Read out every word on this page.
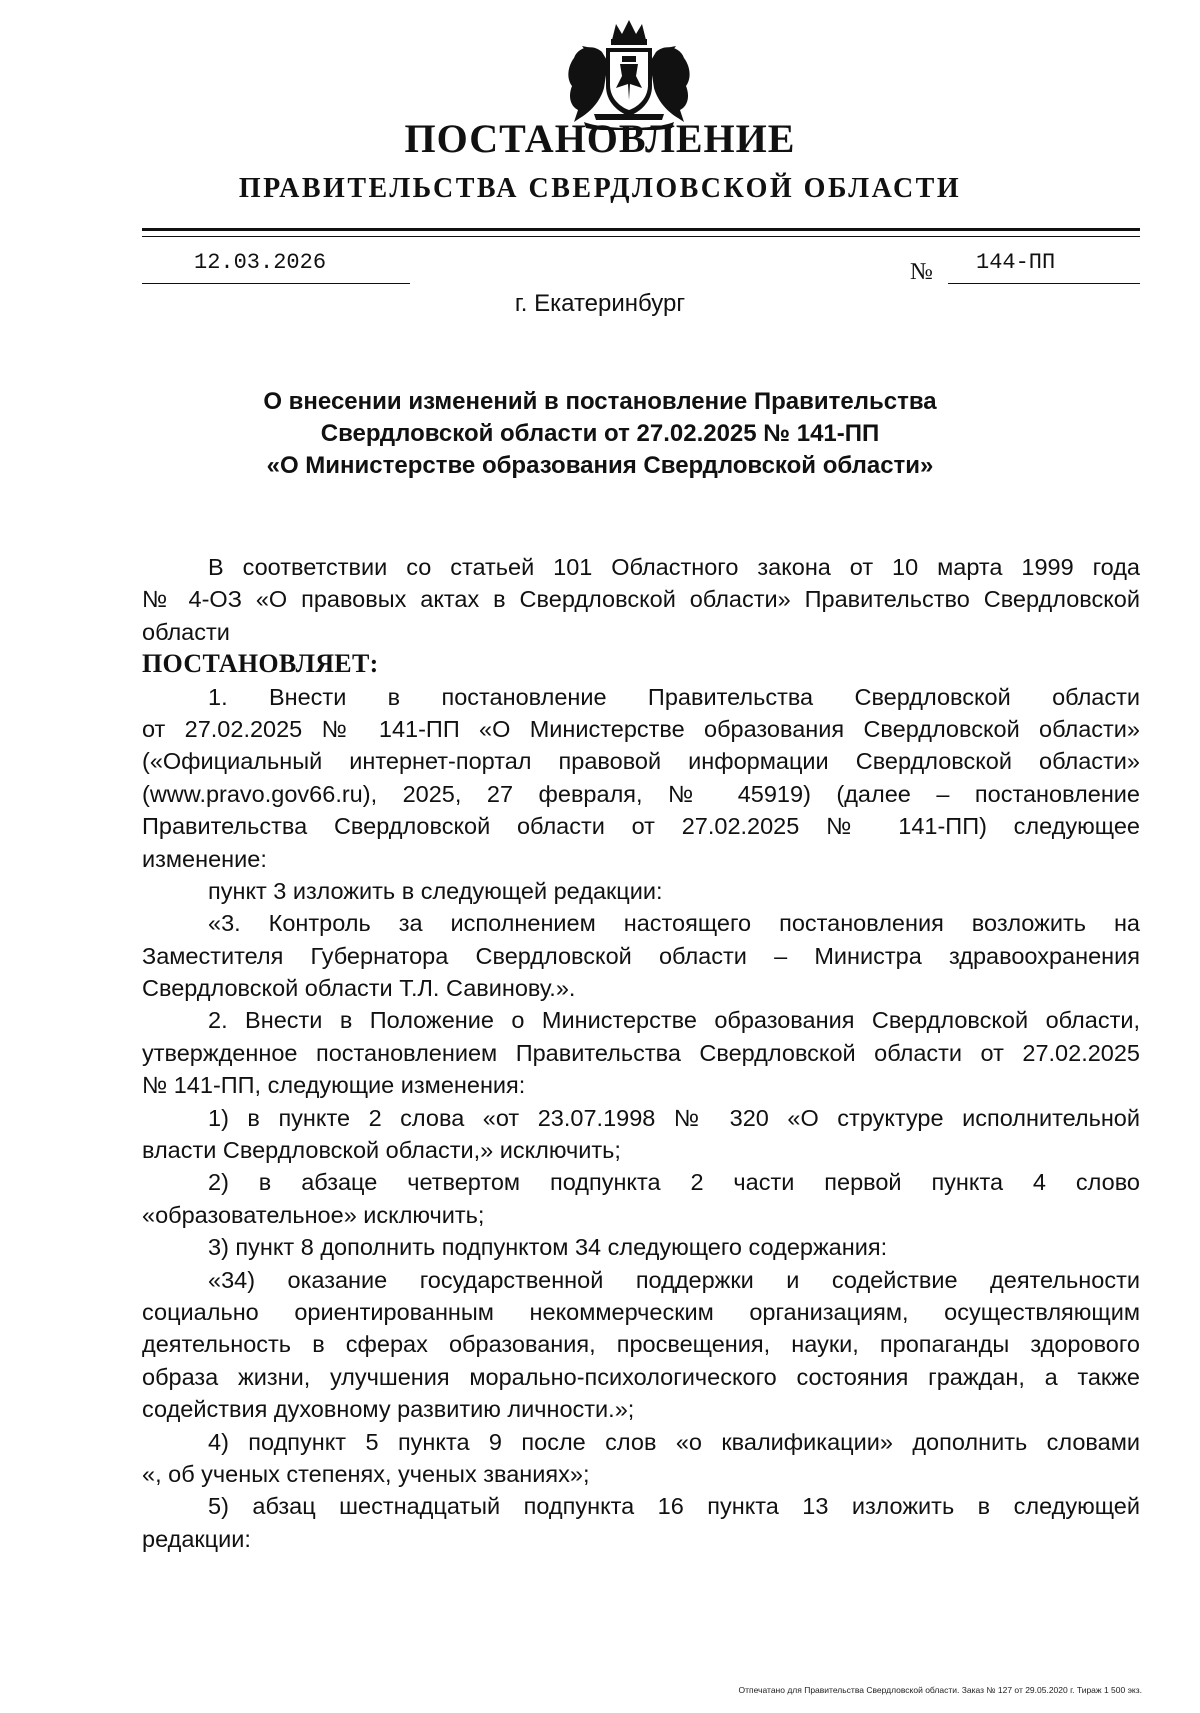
ПОСТАНОВЛЕНИЕ
ПРАВИТЕЛЬСТВА СВЕРДЛОВСКОЙ ОБЛАСТИ
12.03.2026	№ 144-ПП
г. Екатеринбург
О внесении изменений в постановление Правительства
Свердловской области от 27.02.2025 № 141-ПП
«О Министерстве образования Свердловской области»
В соответствии со статьей 101 Областного закона от 10 марта 1999 года
№ 4-ОЗ «О правовых актах в Свердловской области» Правительство Свердловской
области
ПОСТАНОВЛЯЕТ:
1. Внести в постановление Правительства Свердловской области
от 27.02.2025 № 141-ПП «О Министерстве образования Свердловской области»
(«Официальный интернет-портал правовой информации Свердловской области»
(www.pravo.gov66.ru), 2025, 27 февраля, № 45919) (далее – постановление
Правительства Свердловской области от 27.02.2025 № 141-ПП) следующее
изменение:
пункт 3 изложить в следующей редакции:
«3. Контроль за исполнением настоящего постановления возложить на
Заместителя Губернатора Свердловской области – Министра здравоохранения
Свердловской области Т.Л. Савинову.».
2. Внести в Положение о Министерстве образования Свердловской области,
утвержденное постановлением Правительства Свердловской области от 27.02.2025
№ 141-ПП, следующие изменения:
1) в пункте 2 слова «от 23.07.1998 № 320 «О структуре исполнительной
власти Свердловской области,» исключить;
2) в абзаце четвертом подпункта 2 части первой пункта 4 слово
«образовательное» исключить;
3) пункт 8 дополнить подпунктом 34 следующего содержания:
«34) оказание государственной поддержки и содействие деятельности
социально ориентированным некоммерческим организациям, осуществляющим
деятельность в сферах образования, просвещения, науки, пропаганды здорового
образа жизни, улучшения морально-психологического состояния граждан, а также
содействия духовному развитию личности.»;
4) подпункт 5 пункта 9 после слов «о квалификации» дополнить словами
«, об ученых степенях, ученых званиях»;
5) абзац шестнадцатый подпункта 16 пункта 13 изложить в следующей
редакции:
Отпечатано для Правительства Свердловской области. Заказ № 127 от 29.05.2020 г. Тираж 1 500 экз.
